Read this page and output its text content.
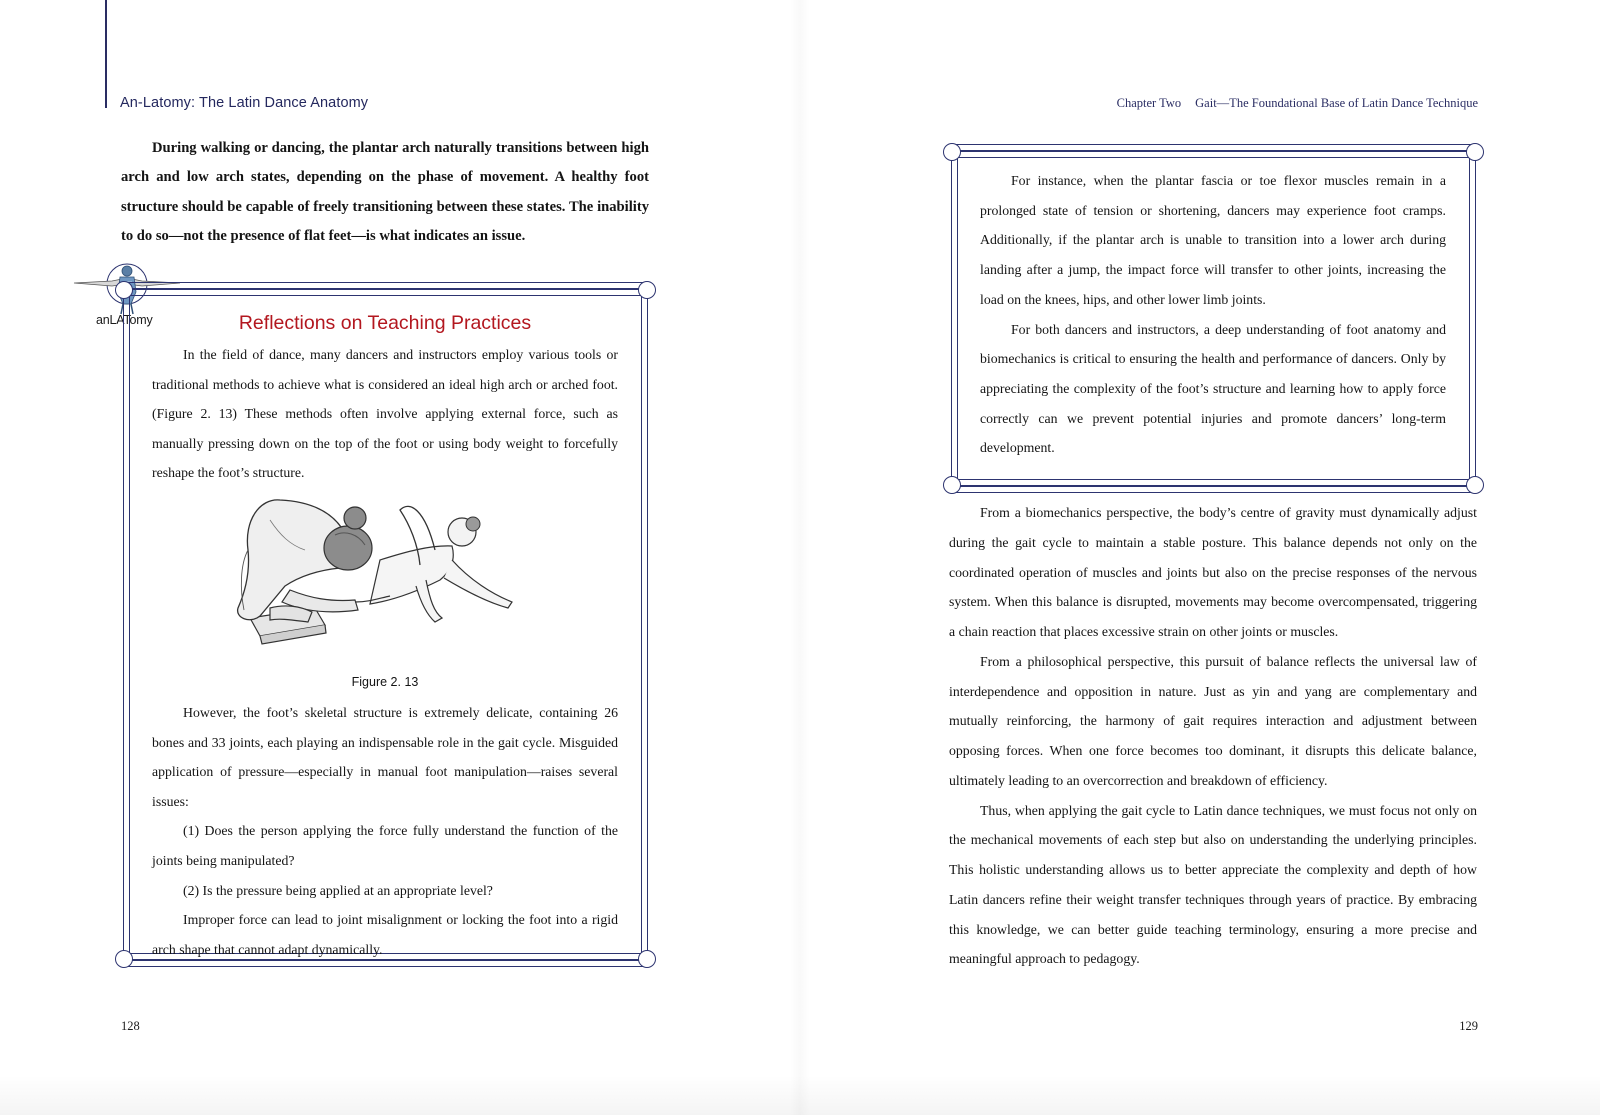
An-Latomy: The Latin Dance Anatomy

During walking or dancing, the plantar arch naturally transitions between high arch and low arch states, depending on the phase of movement. A healthy foot structure should be capable of freely transitioning between these states. The inability to do so—not the presence of flat feet—is what indicates an issue.

anLATomy	Reflections on Teaching Practices

In the field of dance, many dancers and instructors employ various tools or traditional methods to achieve what is considered an ideal high arch or arched foot. (Figure 2. 13) These methods often involve applying external force, such as manually pressing down on the top of the foot or using body weight to forcefully reshape the foot’s structure.

Figure 2. 13

However, the foot’s skeletal structure is extremely delicate, containing 26 bones and 33 joints, each playing an indispensable role in the gait cycle. Misguided application of pressure—especially in manual foot manipulation—raises several issues:

(1) Does the person applying the force fully understand the function of the joints being manipulated?

(2) Is the pressure being applied at an appropriate level?

Improper force can lead to joint misalignment or locking the foot into a rigid arch shape that cannot adapt dynamically.

128
Chapter Two Gait—The Foundational Base of Latin Dance Technique

For instance, when the plantar fascia or toe flexor muscles remain in a prolonged state of tension or shortening, dancers may experience foot cramps. Additionally, if the plantar arch is unable to transition into a lower arch during landing after a jump, the impact force will transfer to other joints, increasing the load on the knees, hips, and other lower limb joints.

For both dancers and instructors, a deep understanding of foot anatomy and biomechanics is critical to ensuring the health and performance of dancers. Only by appreciating the complexity of the foot’s structure and learning how to apply force correctly can we prevent potential injuries and promote dancers’ long-term development.

From a biomechanics perspective, the body’s centre of gravity must dynamically adjust during the gait cycle to maintain a stable posture. This balance depends not only on the coordinated operation of muscles and joints but also on the precise responses of the nervous system. When this balance is disrupted, movements may become overcompensated, triggering a chain reaction that places excessive strain on other joints or muscles.

From a philosophical perspective, this pursuit of balance reflects the universal law of interdependence and opposition in nature. Just as yin and yang are complementary and mutually reinforcing, the harmony of gait requires interaction and adjustment between opposing forces. When one force becomes too dominant, it disrupts this delicate balance, ultimately leading to an overcorrection and breakdown of efficiency.

Thus, when applying the gait cycle to Latin dance techniques, we must focus not only on the mechanical movements of each step but also on understanding the underlying principles. This holistic understanding allows us to better appreciate the complexity and depth of how Latin dancers refine their weight transfer techniques through years of practice. By embracing this knowledge, we can better guide teaching terminology, ensuring a more precise and meaningful approach to pedagogy.

129
